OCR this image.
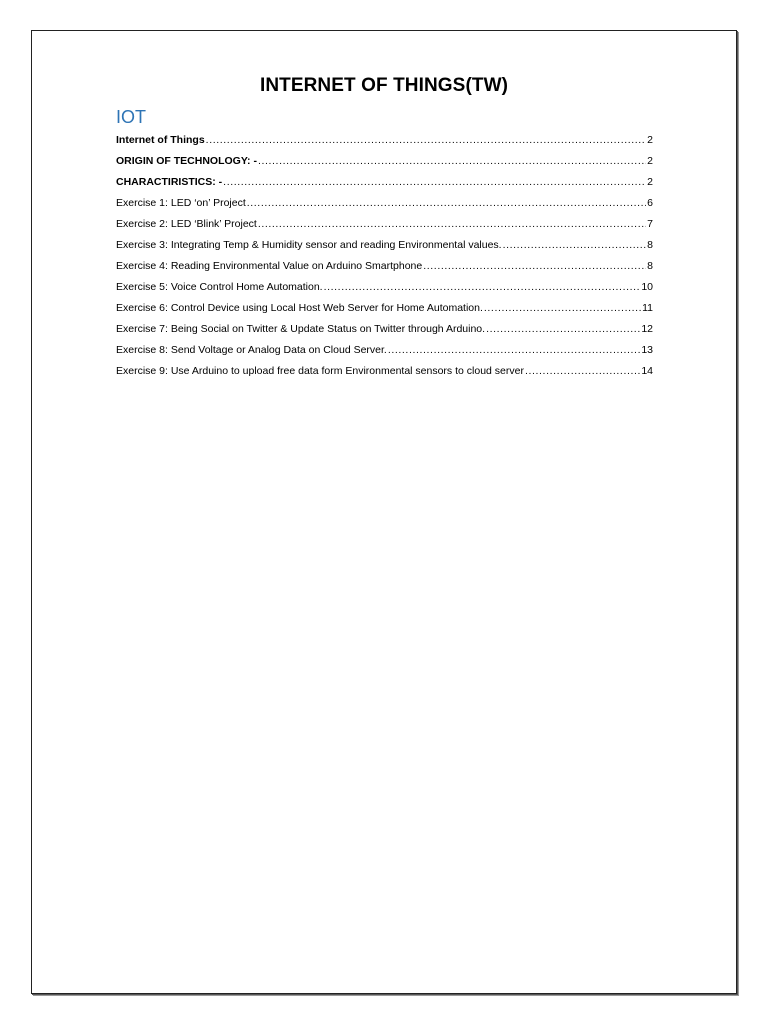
INTERNET OF THINGS(TW)
IOT
Internet of Things .....	2
ORIGIN OF TECHNOLOGY: - .....	2
CHARACTIRISTICS: - .....	2
Exercise 1: LED ‘on’ Project .....	6
Exercise 2: LED ‘Blink’ Project .....	7
Exercise 3: Integrating Temp & Humidity sensor and reading Environmental values. .....	8
Exercise 4: Reading Environmental Value on Arduino Smartphone .....	8
Exercise 5: Voice Control Home Automation. .....	10
Exercise 6: Control Device using Local Host Web Server for Home Automation. .....	11
Exercise 7: Being Social on Twitter & Update Status on Twitter through Arduino. .....	12
Exercise 8: Send Voltage or Analog Data on Cloud Server. .....	13
Exercise 9: Use Arduino to upload free data form Environmental sensors to cloud server .....	14
